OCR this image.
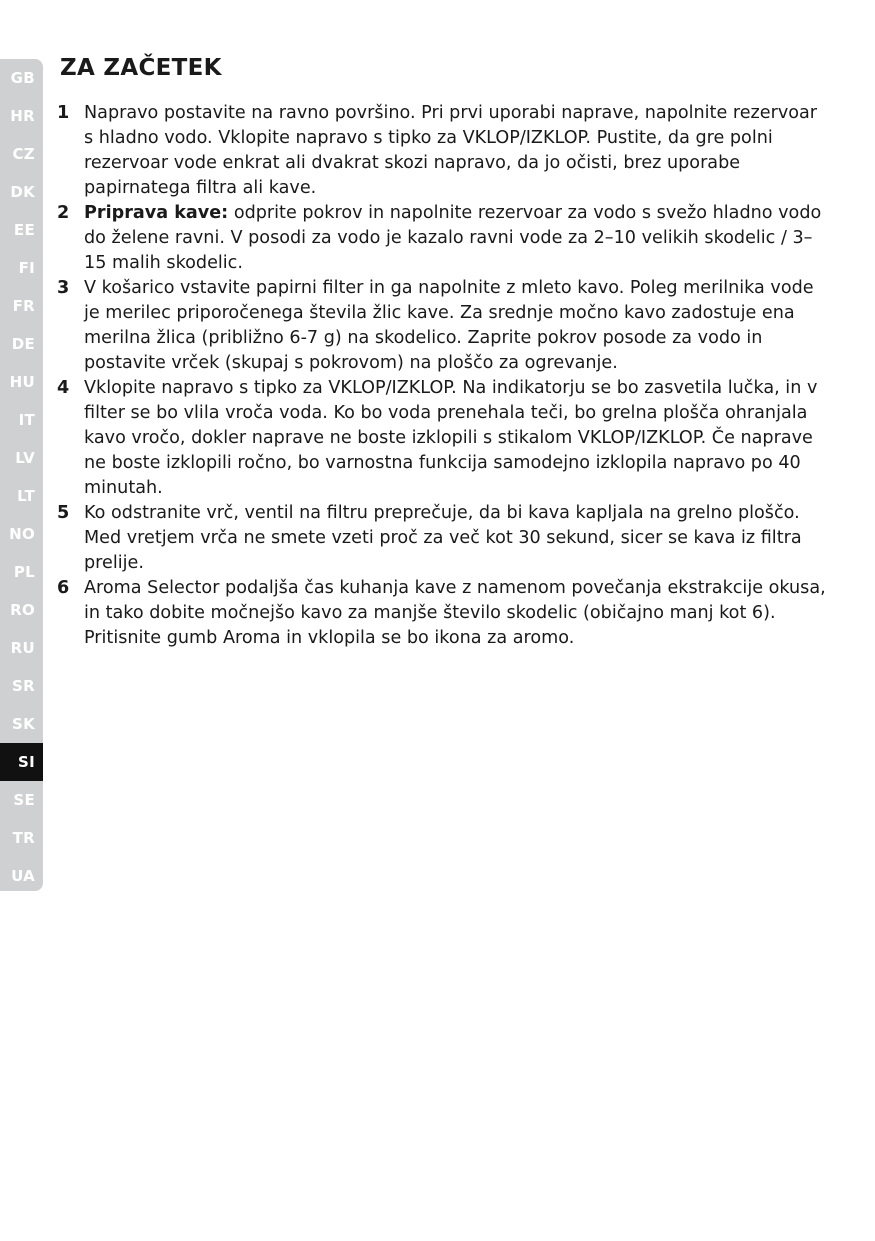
GB
HR
CZ
DK
EE
FI
FR
DE
HU
IT
LV
LT
NO
PL
RO
RU
SR
SK
SI
SE
TR
UA
ZA ZAČETEK
1 Napravo postavite na ravno površino. Pri prvi uporabi naprave, napolnite rezervoar s hladno vodo. Vklopite napravo s tipko za VKLOP/IZKLOP. Pustite, da gre polni rezervoar vode enkrat ali dvakrat skozi napravo, da jo očisti, brez uporabe papirnatega filtra ali kave.
2 Priprava kave: odprite pokrov in napolnite rezervoar za vodo s svežo hladno vodo do želene ravni. V posodi za vodo je kazalo ravni vode za 2–10 velikih skodelic / 3–15 malih skodelic.
3 V košarico vstavite papirni filter in ga napolnite z mleto kavo. Poleg merilnika vode je merilec priporočenega števila žlic kave. Za srednje močno kavo zadostuje ena merilna žlica (približno 6-7 g) na skodelico. Zaprite pokrov posode za vodo in postavite vrček (skupaj s pokrovom) na ploščo za ogrevanje.
4 Vklopite napravo s tipko za VKLOP/IZKLOP. Na indikatorju se bo zasvetila lučka, in v filter se bo vlila vroča voda. Ko bo voda prenehala teči, bo grelna plošča ohranjala kavo vročo, dokler naprave ne boste izklopili s stikalom VKLOP/IZKLOP. Če naprave ne boste izklopili ročno, bo varnostna funkcija samodejno izklopila napravo po 40 minutah.
5 Ko odstranite vrč, ventil na filtru preprečuje, da bi kava kapljala na grelno ploščo. Med vretjem vrča ne smete vzeti proč za več kot 30 sekund, sicer se kava iz filtra prelije.
6 Aroma Selector podaljša čas kuhanja kave z namenom povečanja ekstrakcije okusa, in tako dobite močnejšo kavo za manjše število skodelic (običajno manj kot 6). Pritisnite gumb Aroma in vklopila se bo ikona za aromo.
